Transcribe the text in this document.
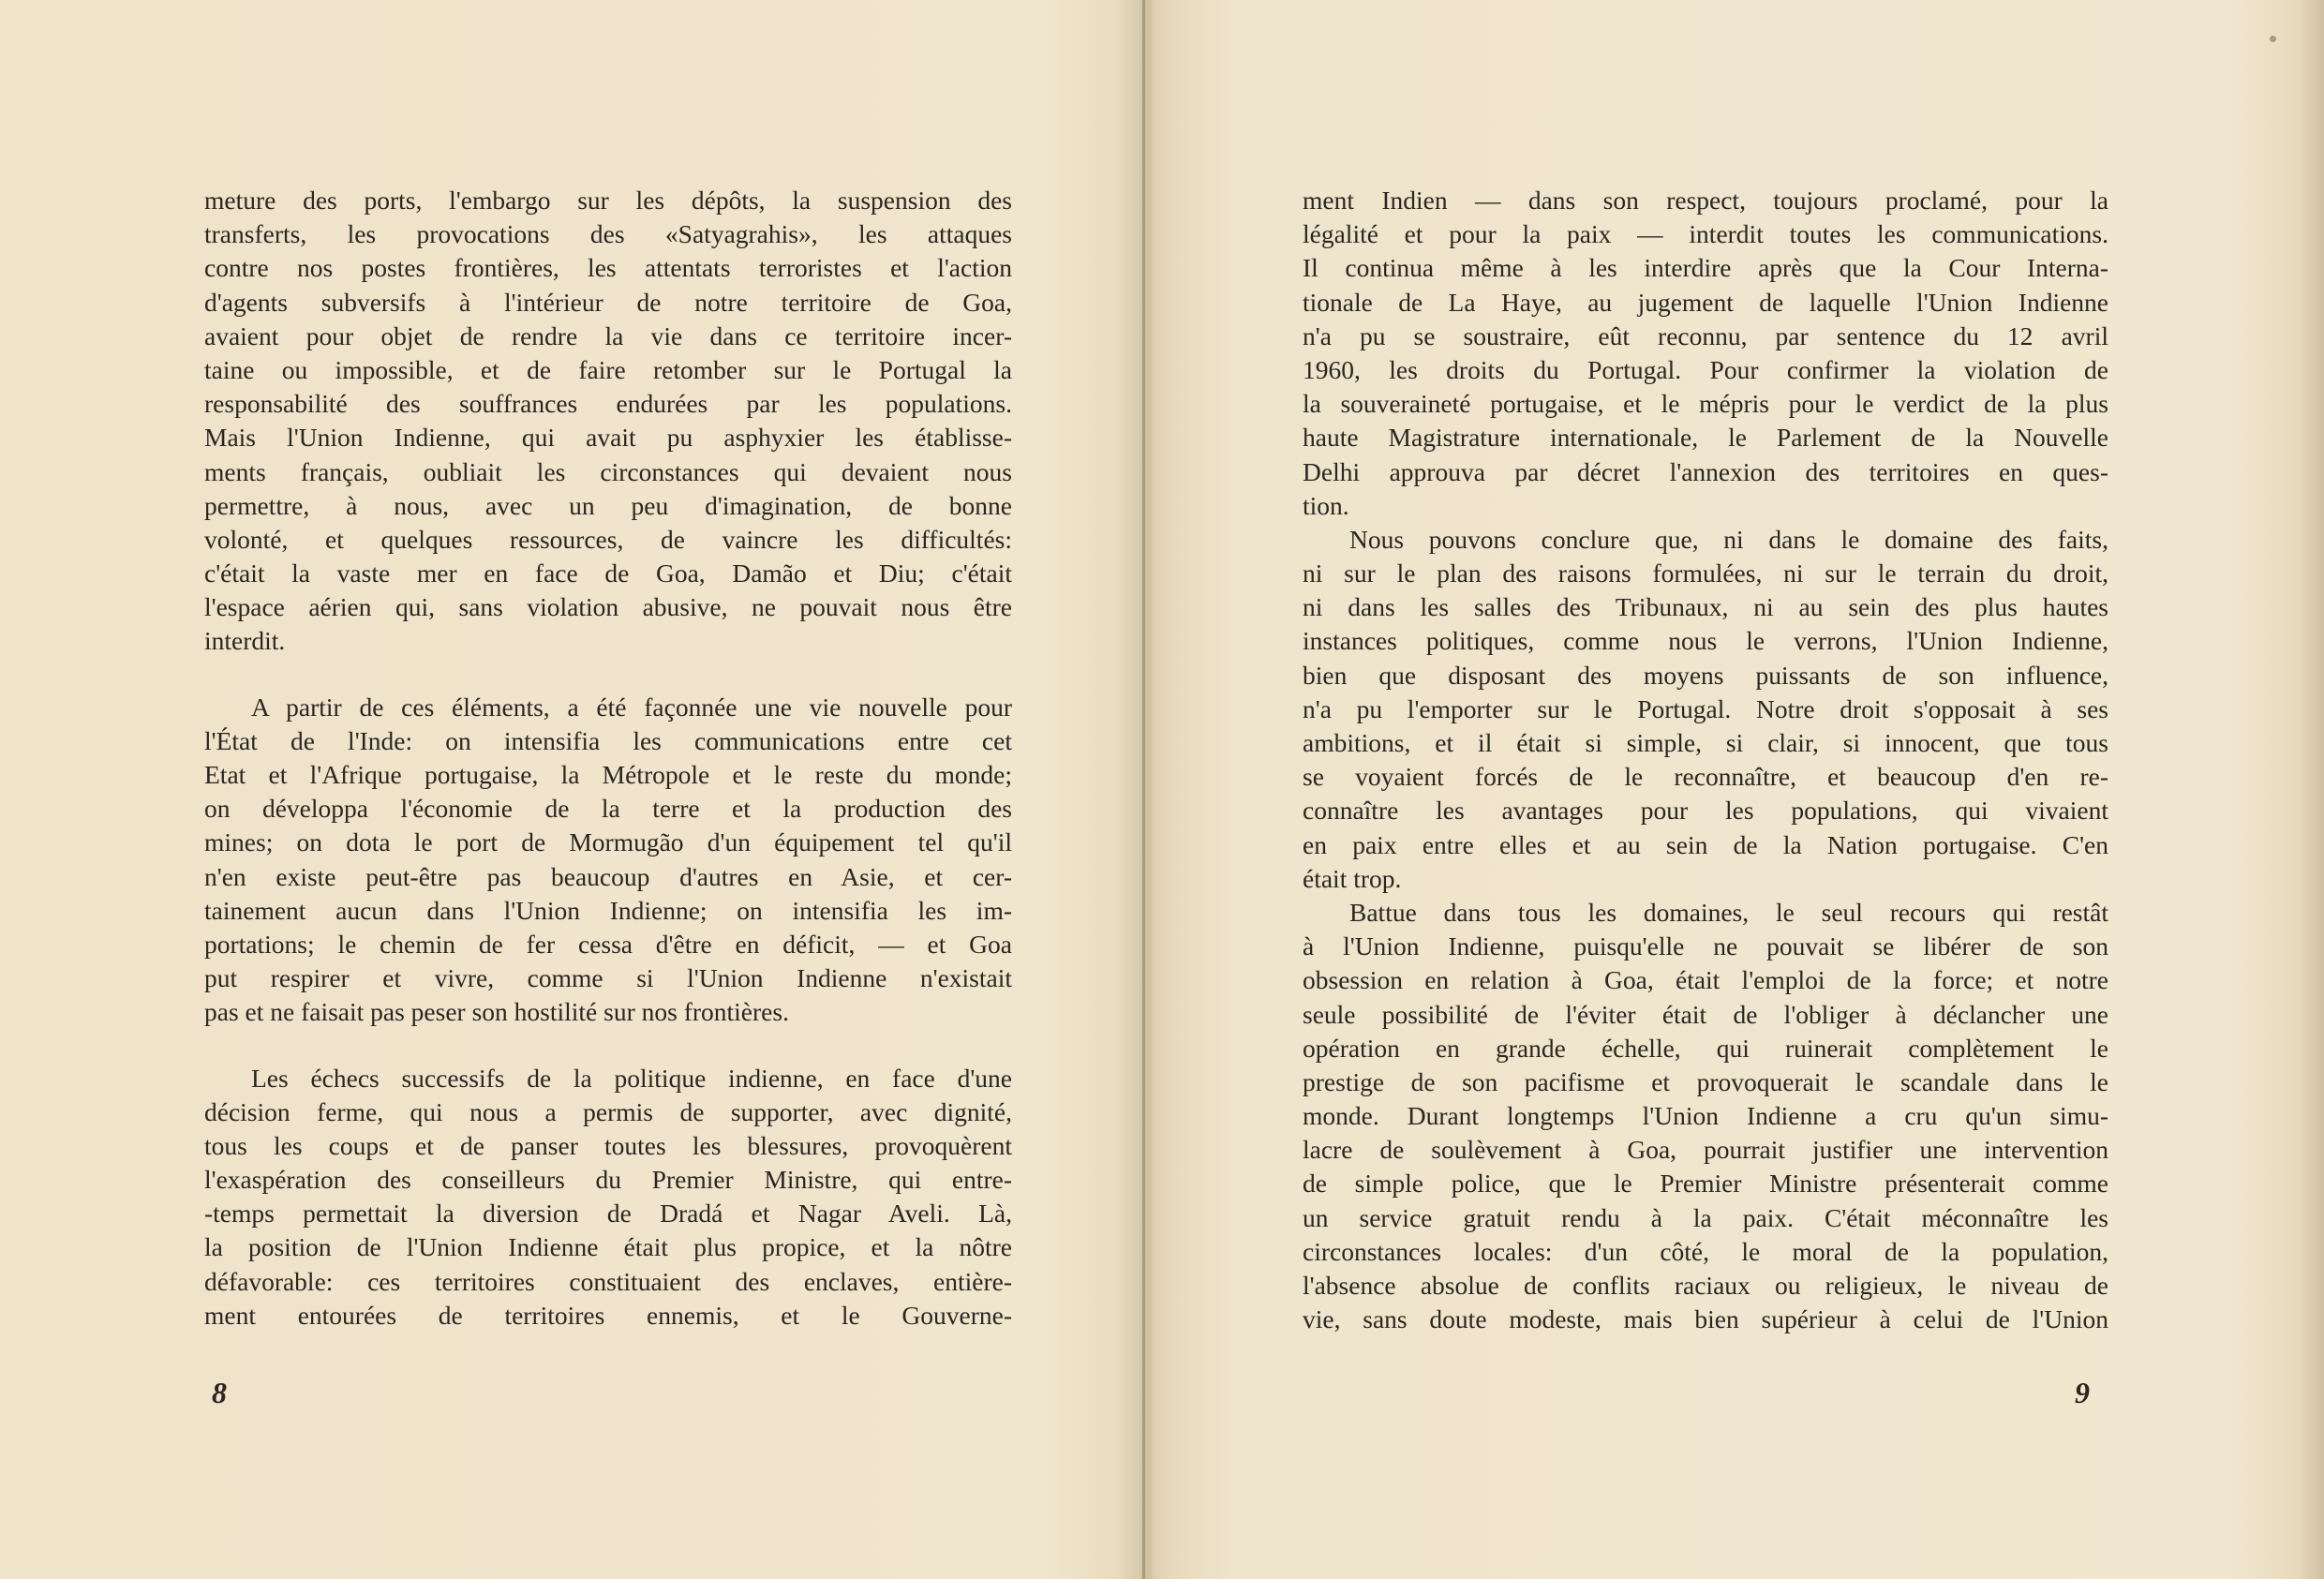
meture des ports, l'embargo sur les dépôts, la suspension des
transferts, les provocations des «Satyagrahis», les attaques
contre nos postes frontières, les attentats terroristes et l'action
d'agents subversifs à l'intérieur de notre territoire de Goa,
avaient pour objet de rendre la vie dans ce territoire incer-
taine ou impossible, et de faire retomber sur le Portugal la
responsabilité des souffrances endurées par les populations.
Mais l'Union Indienne, qui avait pu asphyxier les établisse-
ments français, oubliait les circonstances qui devaient nous
permettre, à nous, avec un peu d'imagination, de bonne
volonté, et quelques ressources, de vaincre les difficultés:
c'était la vaste mer en face de Goa, Damão et Diu; c'était
l'espace aérien qui, sans violation abusive, ne pouvait nous être
interdit.
A partir de ces éléments, a été façonnée une vie nouvelle pour
l'État de l'Inde: on intensifia les communications entre cet
Etat et l'Afrique portugaise, la Métropole et le reste du monde;
on développa l'économie de la terre et la production des
mines; on dota le port de Mormugão d'un équipement tel qu'il
n'en existe peut-être pas beaucoup d'autres en Asie, et cer-
tainement aucun dans l'Union Indienne; on intensifia les im-
portations; le chemin de fer cessa d'être en déficit, — et Goa
put respirer et vivre, comme si l'Union Indienne n'existait
pas et ne faisait pas peser son hostilité sur nos frontières.
Les échecs successifs de la politique indienne, en face d'une
décision ferme, qui nous a permis de supporter, avec dignité,
tous les coups et de panser toutes les blessures, provoquèrent
l'exaspération des conseilleurs du Premier Ministre, qui entre-
-temps permettait la diversion de Dradá et Nagar Aveli. Là,
la position de l'Union Indienne était plus propice, et la nôtre
défavorable: ces territoires constituaient des enclaves, entière-
ment entourées de territoires ennemis, et le Gouverne-
8
ment Indien — dans son respect, toujours proclamé, pour la
légalité et pour la paix — interdit toutes les communications.
Il continua même à les interdire après que la Cour Interna-
tionale de La Haye, au jugement de laquelle l'Union Indienne
n'a pu se soustraire, eût reconnu, par sentence du 12 avril
1960, les droits du Portugal. Pour confirmer la violation de
la souveraineté portugaise, et le mépris pour le verdict de la plus
haute Magistrature internationale, le Parlement de la Nouvelle
Delhi approuva par décret l'annexion des territoires en ques-
tion.
Nous pouvons conclure que, ni dans le domaine des faits,
ni sur le plan des raisons formulées, ni sur le terrain du droit,
ni dans les salles des Tribunaux, ni au sein des plus hautes
instances politiques, comme nous le verrons, l'Union Indienne,
bien que disposant des moyens puissants de son influence,
n'a pu l'emporter sur le Portugal. Notre droit s'opposait à ses
ambitions, et il était si simple, si clair, si innocent, que tous
se voyaient forcés de le reconnaître, et beaucoup d'en re-
connaître les avantages pour les populations, qui vivaient
en paix entre elles et au sein de la Nation portugaise. C'en
était trop.
Battue dans tous les domaines, le seul recours qui restât
à l'Union Indienne, puisqu'elle ne pouvait se libérer de son
obsession en relation à Goa, était l'emploi de la force; et notre
seule possibilité de l'éviter était de l'obliger à déclancher une
opération en grande échelle, qui ruinerait complètement le
prestige de son pacifisme et provoquerait le scandale dans le
monde. Durant longtemps l'Union Indienne a cru qu'un simu-
lacre de soulèvement à Goa, pourrait justifier une intervention
de simple police, que le Premier Ministre présenterait comme
un service gratuit rendu à la paix. C'était méconnaître les
circonstances locales: d'un côté, le moral de la population,
l'absence absolue de conflits raciaux ou religieux, le niveau de
vie, sans doute modeste, mais bien supérieur à celui de l'Union
9
